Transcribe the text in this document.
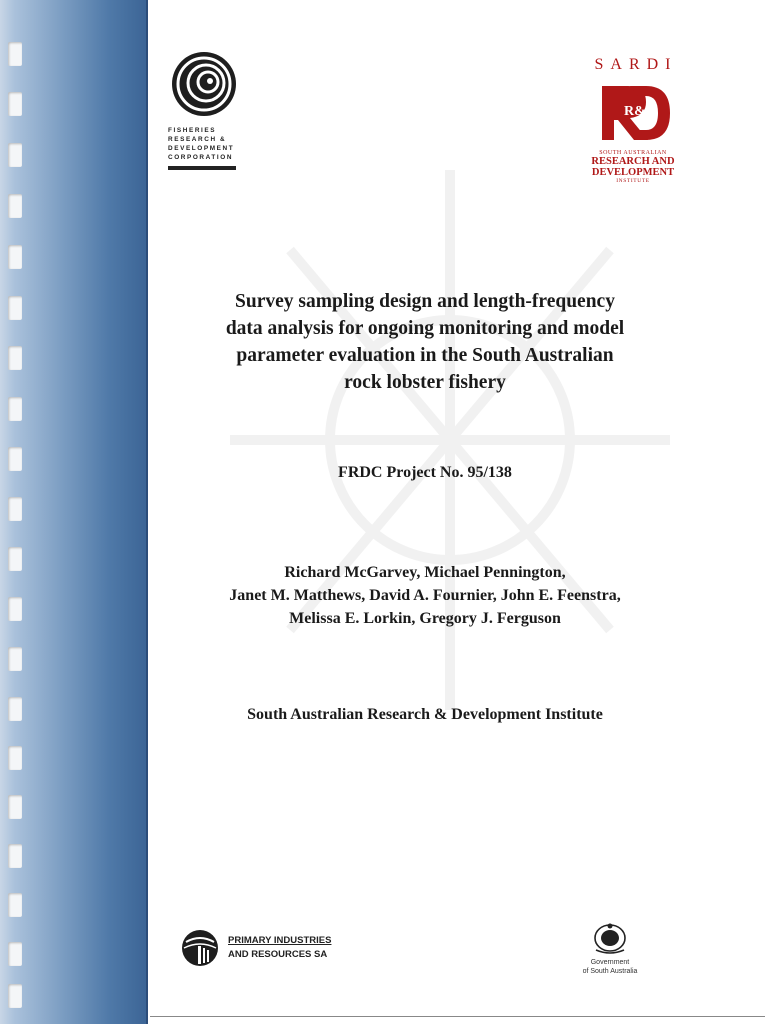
FISHERIES
RESEARCH &
DEVELOPMENT
CORPORATION
SARDI
R&D
SOUTH AUSTRALIAN
RESEARCH AND
DEVELOPMENT
INSTITUTE
Survey sampling design and length-frequency
data analysis for ongoing monitoring and model
parameter evaluation in the South Australian
rock lobster fishery
FRDC Project No. 95/138
Richard McGarvey, Michael Pennington,
Janet M. Matthews, David A. Fournier, John E. Feenstra,
Melissa E. Lorkin, Gregory J. Ferguson
South Australian Research & Development Institute
PRIMARY INDUSTRIES
AND RESOURCES SA
Government
of South Australia
